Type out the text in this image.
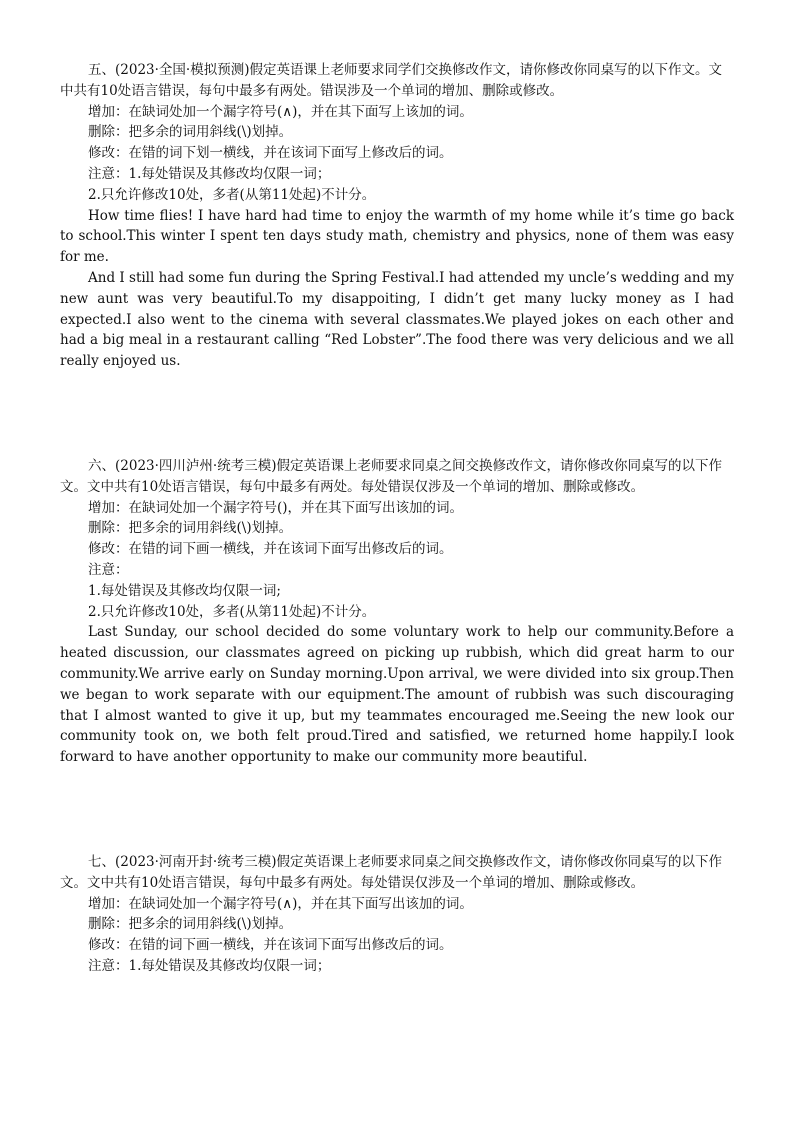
五、(2023·全国·模拟预测)假定英语课上老师要求同学们交换修改作文，请你修改你同桌写的以下作文。文中共有10处语言错误，每句中最多有两处。错误涉及一个单词的增加、删除或修改。

增加：在缺词处加一个漏字符号(∧)，并在其下面写上该加的词。

删除：把多余的词用斜线(\)划掉。

修改：在错的词下划一横线，并在该词下面写上修改后的词。

注意：1.每处错误及其修改均仅限一词；

2.只允许修改10处，多者(从第11处起)不计分。

How time flies! I have hard had time to enjoy the warmth of my home while it’s time go back to school.This winter I spent ten days study math, chemistry and physics, none of them was easy for me.

And I still had some fun during the Spring Festival.I had attended my uncle’s wedding and my new aunt was very beautiful.To my disappoiting, I didn’t get many lucky money as I had expected.I also went to the cinema with several classmates.We played jokes on each other and had a big meal in a restaurant calling “Red Lobster”.The food there was very delicious and we all really enjoyed us.

六、(2023·四川泸州·统考三模)假定英语课上老师要求同桌之间交换修改作文，请你修改你同桌写的以下作文。文中共有10处语言错误，每句中最多有两处。每处错误仅涉及一个单词的增加、删除或修改。

增加：在缺词处加一个漏字符号()，并在其下面写出该加的词。

删除：把多余的词用斜线(\)划掉。

修改：在错的词下画一横线，并在该词下面写出修改后的词。

注意：

1.每处错误及其修改均仅限一词;

2.只允许修改10处，多者(从第11处起)不计分。

Last Sunday, our school decided do some voluntary work to help our community.Before a heated discussion, our classmates agreed on picking up rubbish, which did great harm to our community.We arrive early on Sunday morning.Upon arrival, we were divided into six group.Then we began to work separate with our equipment.The amount of rubbish was such discouraging that I almost wanted to give it up, but my teammates encouraged me.Seeing the new look our community took on, we both felt proud.Tired and satisfied, we returned home happily.I look forward to have another opportunity to make our community more beautiful.

七、(2023·河南开封·统考三模)假定英语课上老师要求同桌之间交换修改作文，请你修改你同桌写的以下作文。文中共有10处语言错误，每句中最多有两处。每处错误仅涉及一个单词的增加、删除或修改。

增加：在缺词处加一个漏字符号(∧)，并在其下面写出该加的词。

删除：把多余的词用斜线(\)划掉。

修改：在错的词下画一横线，并在该词下面写出修改后的词。

注意：1.每处错误及其修改均仅限一词；
